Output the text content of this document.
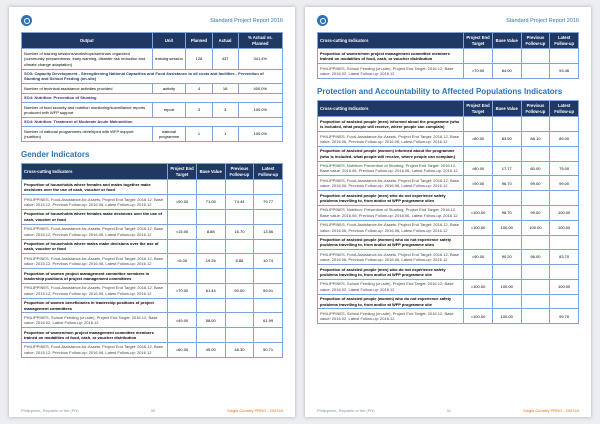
Standard Project Report 2016
Output	Unit	Planned	Actual	% Actual vs. Planned
Number of training sessions/workshops/seminars organized (community preparedness, early warning, disaster risk reduction and climate change adaptation)	training session	128	437	341.4%
SO3: Capacity Development - Strengthening National Capacities and Food Assistance to all costs and facilities - Prevention of Stunting and School Feeding (on-site)				
Number of technical assistance activities provided	activity	4	16	400.0%
SO4: Nutrition: Prevention of Stunting				
Number of food security and nutrition monitoring/surveillance reports produced with WFP support	report	3	3	100.0%
SO4: Nutrition: Treatment of Moderate Acute Malnutrition				
Number of national programmes developed with WFP support (nutrition)	national programme	1	1	100.0%
Gender Indicators
Cross-cutting Indicators	Project End Target	Base Value	Previous Follow-up	Latest Follow-up
Proportion of households where females and males together make decisions over the use of cash, voucher or food				
PHILIPPINES, Food-Assistance-for-Assets, Project End Target: 2016.12, Base value: 2015.12, Previous Follow-up: 2016.06, Latest Follow-up: 2016.12	=90.00	71.05	74.44	79.77
Proportion of households where females make decisions over the use of cash, voucher or food				
PHILIPPINES, Food-Assistance-for-Assets, Project End Target: 2016.12, Base value: 2015.12, Previous Follow-up: 2016.06, Latest Follow-up: 2016.12	=15.00	8.88	16.70	13.56
Proportion of households where males make decisions over the use of cash, voucher or food				
PHILIPPINES, Food-Assistance-for-Assets, Project End Target: 2016.12, Base value: 2015.12, Previous Follow-up: 2016.06, Latest Follow-up: 2016.12	=5.00	19.26	8.86	10.74
Proportion of women project management committee members in leadership positions of project management committees				
PHILIPPINES, Food-Assistance-for-Assets, Project End Target: 2016.12, Base value: 2015.12, Previous Follow-up: 2016.06, Latest Follow-up: 2016.12	=70.00	61.44	50.00	59.01
Proportion of women beneficiaries in leadership positions of project management committees				
PHILIPPINES, School Feeding (on-site), Project End Target: 2016.12, Base value: 2016.02, Latest Follow-up: 2016.12	=49.00	58.00		61.99
Proportion of women/men project management committee members trained on modalities of food, cash, or voucher distribution				
PHILIPPINES, Food-Assistance-for-Assets, Project End Target: 2016.12, Base value: 2015.12, Previous Follow-up: 2016.06, Latest Follow-up: 2016.12	=60.00	45.00	48.30	50.71
Philippines, Republic of the (PH)	30	Single Country PRRO - 200743
Standard Project Report 2016
Cross-cutting Indicators	Project End Target	Base Value	Previous Follow-up	Latest Follow-up
Proportion of women/men project management committee members trained on modalities of food, cash, or voucher distribution				
PHILIPPINES, School Feeding (on-site), Project End Target: 2016.12, Base value: 2016.02, Latest Follow-up: 2016.12	=70.00	84.00		93.46
Protection and Accountability to Affected Populations Indicators
Cross-cutting Indicators	Project End Target	Base Value	Previous Follow-up	Latest Follow-up
Proportion of assisted people (men) informed about the programme (who is included, what people will receive, where people can complain)				
PHILIPPINES, Food-Assistance-for-Assets, Project End Target: 2016.12, Base value: 2016.06, Previous Follow-up: 2016.06, Latest Follow-up: 2016.12	=80.00	83.50	88.10	89.00
Proportion of assisted people (women) informed about the programme (who is included, what people will receive, where people can complain)				
PHILIPPINES, Nutrition: Prevention of Stunting, Project End Target: 2016.12, Base value: 2016.06, Previous Follow-up: 2016.06, Latest Follow-up: 2016.12	=80.00	17.77	80.00	75.00
PHILIPPINES, Food-Assistance-for-Assets, Project End Target: 2016.12, Base value: 2016.06, Previous Follow-up: 2016.06, Latest Follow-up: 2016.12	=90.00	96.70	99.00	99.00
Proportion of assisted people (men) who do not experience safety problems travelling to, from and/or at WFP programme sites				
PHILIPPINES, Nutrition: Prevention of Stunting, Project End Target: 2016.12, Base value: 2016.06, Previous Follow-up: 2016.06, Latest Follow-up: 2016.12	=100.00	98.70	99.00	100.00
PHILIPPINES, Food-Assistance-for-Assets, Project End Target: 2016.12, Base value: 2016.06, Previous Follow-up: 2016.06, Latest Follow-up: 2016.12	=100.00	100.00	100.00	100.00
Proportion of assisted people (women) who do not experience safety problems travelling to, from and/or at WFP programme sites				
PHILIPPINES, Food-Assistance-for-Assets, Project End Target: 2016.12, Base value: 2016.06, Previous Follow-up: 2016.06, Latest Follow-up: 2016.12	=90.00	90.20	96.00	83.70
Proportion of assisted people (men) who do not experience safety problems travelling to, from and/or at WFP programme site				
PHILIPPINES, School Feeding (on-site), Project End Target: 2016.12, Base value: 2016.02, Latest Follow-up: 2016.12	=100.00	100.00		100.00
Proportion of assisted people (women) who do not experience safety problems travelling to, from and/or at WFP programme site				
PHILIPPINES, School Feeding (on-site), Project End Target: 2016.12, Base value: 2016.02, Latest Follow-up: 2016.12	=100.00	100.00		99.70
Philippines, Republic of the (PH)	31	Single Country PRRO - 200743
